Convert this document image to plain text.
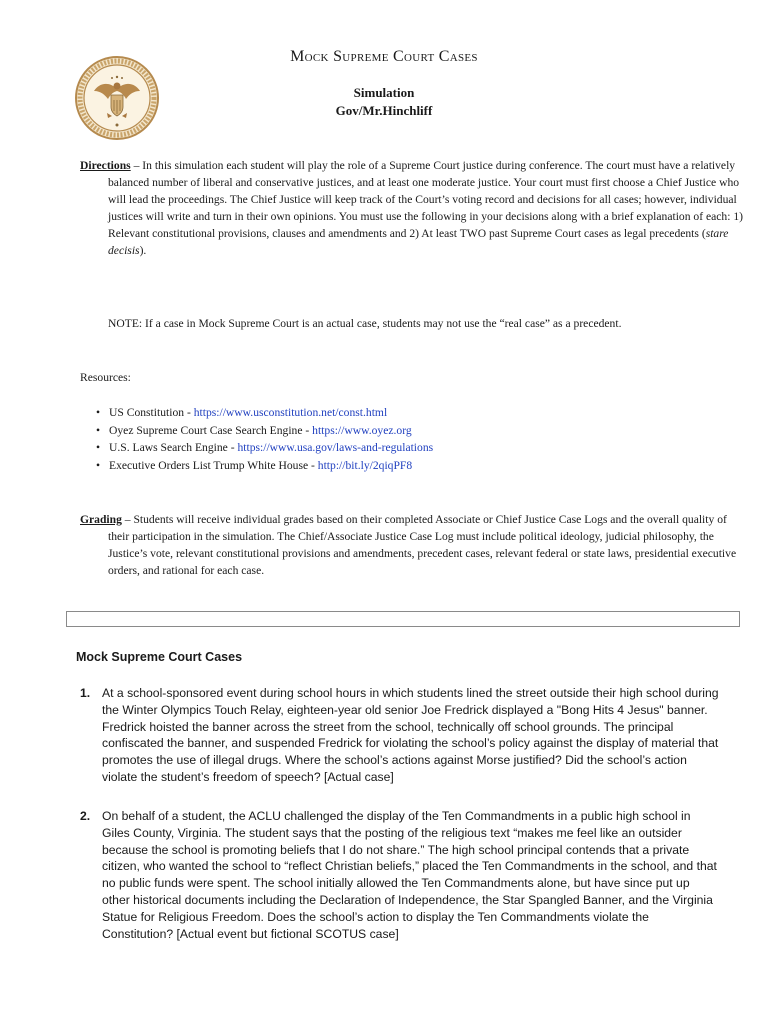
Mock Supreme Court Cases
Simulation
Gov/Mr.Hinchliff
Directions – In this simulation each student will play the role of a Supreme Court justice during conference. The court must have a relatively balanced number of liberal and conservative justices, and at least one moderate justice. Your court must first choose a Chief Justice who will lead the proceedings. The Chief Justice will keep track of the Court’s voting record and decisions for all cases; however, individual justices will write and turn in their own opinions. You must use the following in your decisions along with a brief explanation of each: 1) Relevant constitutional provisions, clauses and amendments and 2) At least TWO past Supreme Court cases as legal precedents (stare decisis).
NOTE: If a case in Mock Supreme Court is an actual case, students may not use the “real case” as a precedent.
Resources:
• US Constitution - https://www.usconstitution.net/const.html
• Oyez Supreme Court Case Search Engine - https://www.oyez.org
• U.S. Laws Search Engine - https://www.usa.gov/laws-and-regulations
• Executive Orders List Trump White House - http://bit.ly/2qiqPF8
Grading – Students will receive individual grades based on their completed Associate or Chief Justice Case Logs and the overall quality of their participation in the simulation. The Chief/Associate Justice Case Log must include political ideology, judicial philosophy, the Justice’s vote, relevant constitutional provisions and amendments, precedent cases, relevant federal or state laws, presidential executive orders, and rational for each case.
Mock Supreme Court Cases
1. At a school-sponsored event during school hours in which students lined the street outside their high school during the Winter Olympics Touch Relay, eighteen-year old senior Joe Fredrick displayed a "Bong Hits 4 Jesus" banner. Fredrick hoisted the banner across the street from the school, technically off school grounds. The principal confiscated the banner, and suspended Fredrick for violating the school’s policy against the display of material that promotes the use of illegal drugs. Where the school’s actions against Morse justified? Did the school’s action violate the student’s freedom of speech? [Actual case]
2. On behalf of a student, the ACLU challenged the display of the Ten Commandments in a public high school in Giles County, Virginia. The student says that the posting of the religious text “makes me feel like an outsider because the school is promoting beliefs that I do not share.” The high school principal contends that a private citizen, who wanted the school to “reflect Christian beliefs,” placed the Ten Commandments in the school, and that no public funds were spent. The school initially allowed the Ten Commandments alone, but have since put up other historical documents including the Declaration of Independence, the Star Spangled Banner, and the Virginia Statue for Religious Freedom. Does the school’s action to display the Ten Commandments violate the Constitution? [Actual event but fictional SCOTUS case]
